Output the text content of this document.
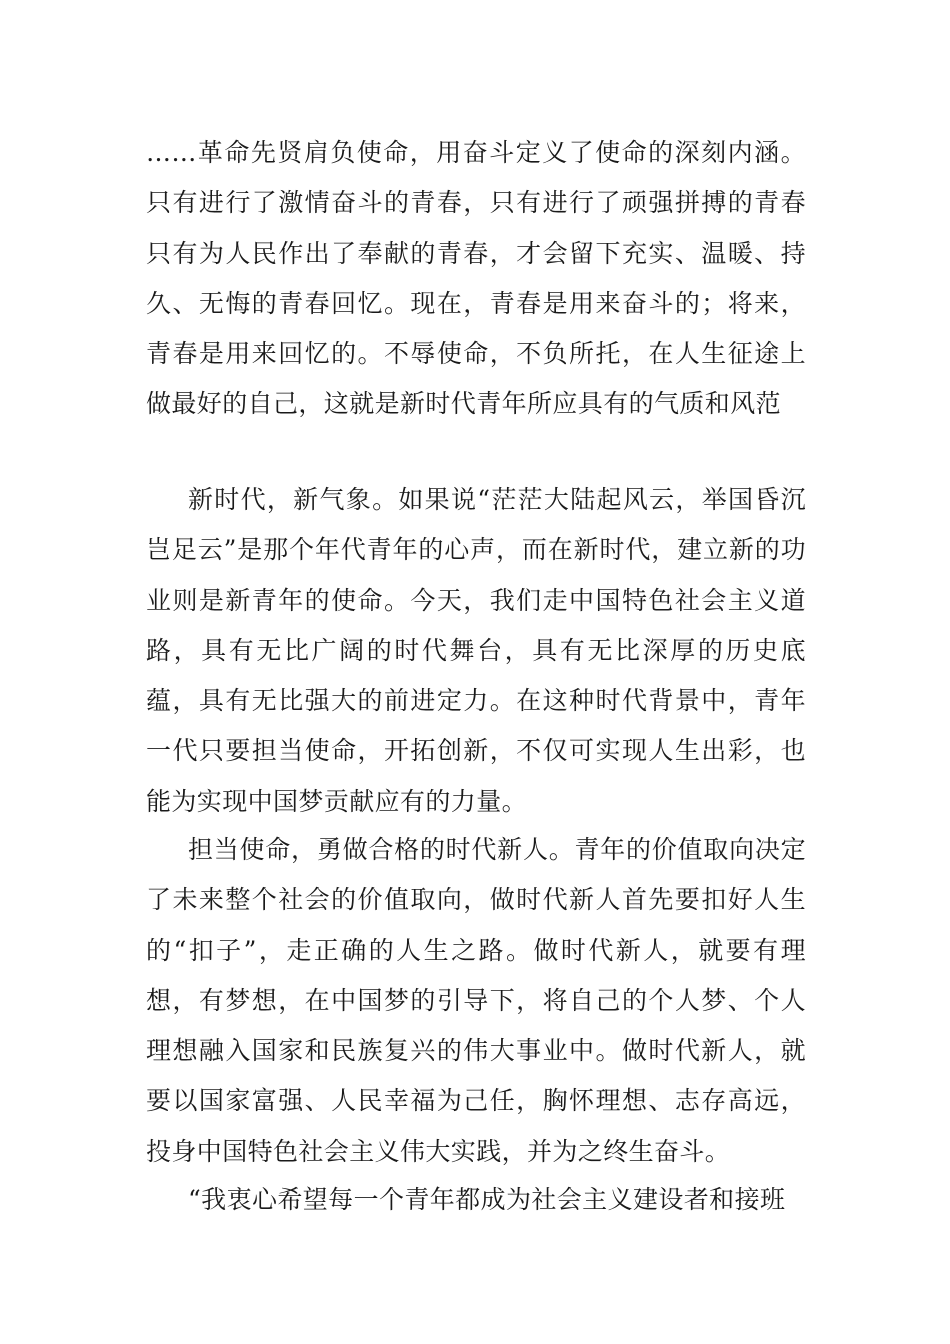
……革命先贤肩负使命，用奋斗定义了使命的深刻内涵。只有进行了激情奋斗的青春，只有进行了顽强拼搏的青春只有为人民作出了奉献的青春，才会留下充实、温暖、持久、无悔的青春回忆。现在，青春是用来奋斗的；将来，青春是用来回忆的。不辱使命，不负所托，在人生征途上做最好的自己，这就是新时代青年所应具有的气质和风范

新时代，新气象。如果说“茫茫大陆起风云，举国昏沉岂足云”是那个年代青年的心声，而在新时代，建立新的功业则是新青年的使命。今天，我们走中国特色社会主义道路，具有无比广阔的时代舞台，具有无比深厚的历史底蕴，具有无比强大的前进定力。在这种时代背景中，青年一代只要担当使命，开拓创新，不仅可实现人生出彩，也能为实现中国梦贡献应有的力量。

担当使命，勇做合格的时代新人。青年的价值取向决定了未来整个社会的价值取向，做时代新人首先要扣好人生的“扣子”，走正确的人生之路。做时代新人，就要有理想，有梦想，在中国梦的引导下，将自己的个人梦、个人理想融入国家和民族复兴的伟大事业中。做时代新人，就要以国家富强、人民幸福为己任，胸怀理想、志存高远，投身中国特色社会主义伟大实践，并为之终生奋斗。

“我衷心希望每一个青年都成为社会主义建设者和接班
